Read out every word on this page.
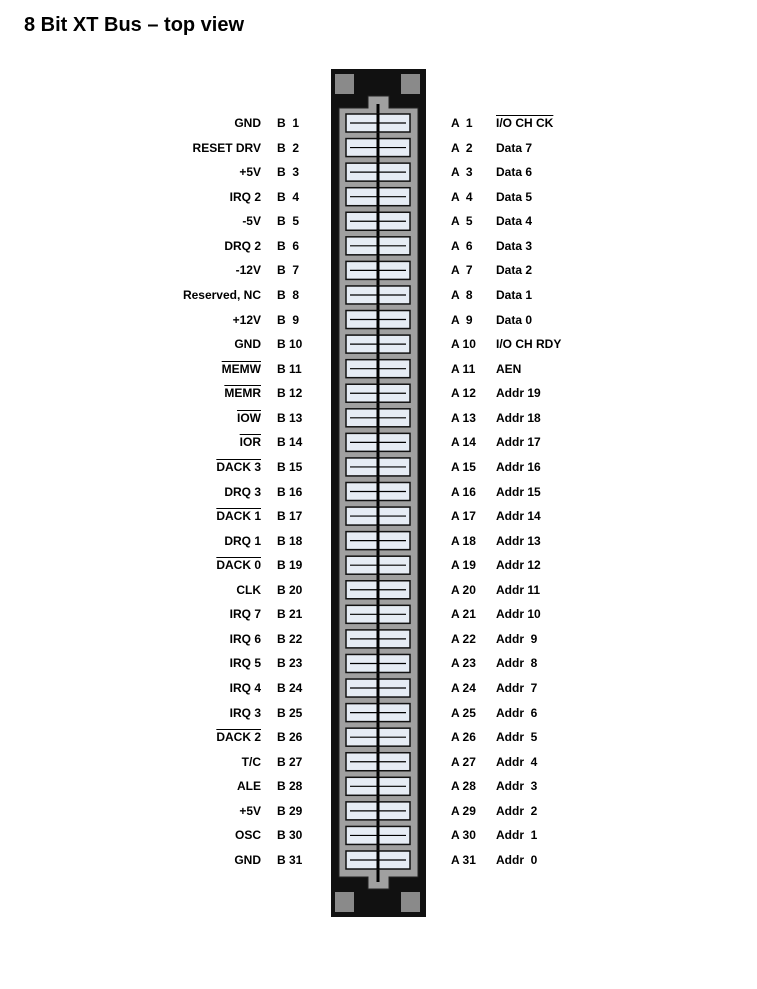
8 Bit XT Bus – top view
GND B  1	A  1 I/O CH CK
RESET DRV B  2	A  2 Data 7
+5V B  3	A  3 Data 6
IRQ 2 B  4	A  4 Data 5
-5V B  5	A  5 Data 4
DRQ 2 B  6	A  6 Data 3
-12V B  7	A  7 Data 2
Reserved, NC B  8	A  8 Data 1
+12V B  9	A  9 Data 0
GND B 10	A 10 I/O CH RDY
MEMW B 11	A 11 AEN
MEMR B 12	A 12 Addr 19
$\overline{IOW}$ B 13	A 13 Addr 18
$\overline{IOR}$ B 14	A 14 Addr 17
DACK 3 B 15	A 15 Addr 16
DRQ 3 B 16	A 16 Addr 15
DACK 1 B 17	A 17 Addr 14
DRQ 1 B 18	A 18 Addr 13
DACK 0 B 19	A 19 Addr 12
CLK B 20	A 20 Addr 11
IRQ 7 B 21	A 21 Addr 10
IRQ 6 B 22	A 22 Addr  9
IRQ 5 B 23	A 23 Addr  8
IRQ 4 B 24	A 24 Addr  7
IRQ 3 B 25	A 25 Addr  6
DACK 2 B 26	A 26 Addr  5
T/C B 27	A 27 Addr  4
ALE B 28	A 28 Addr  3
+5V B 29	A 29 Addr  2
OSC B 30	A 30 Addr  1
GND B 31	A 31 Addr  0
